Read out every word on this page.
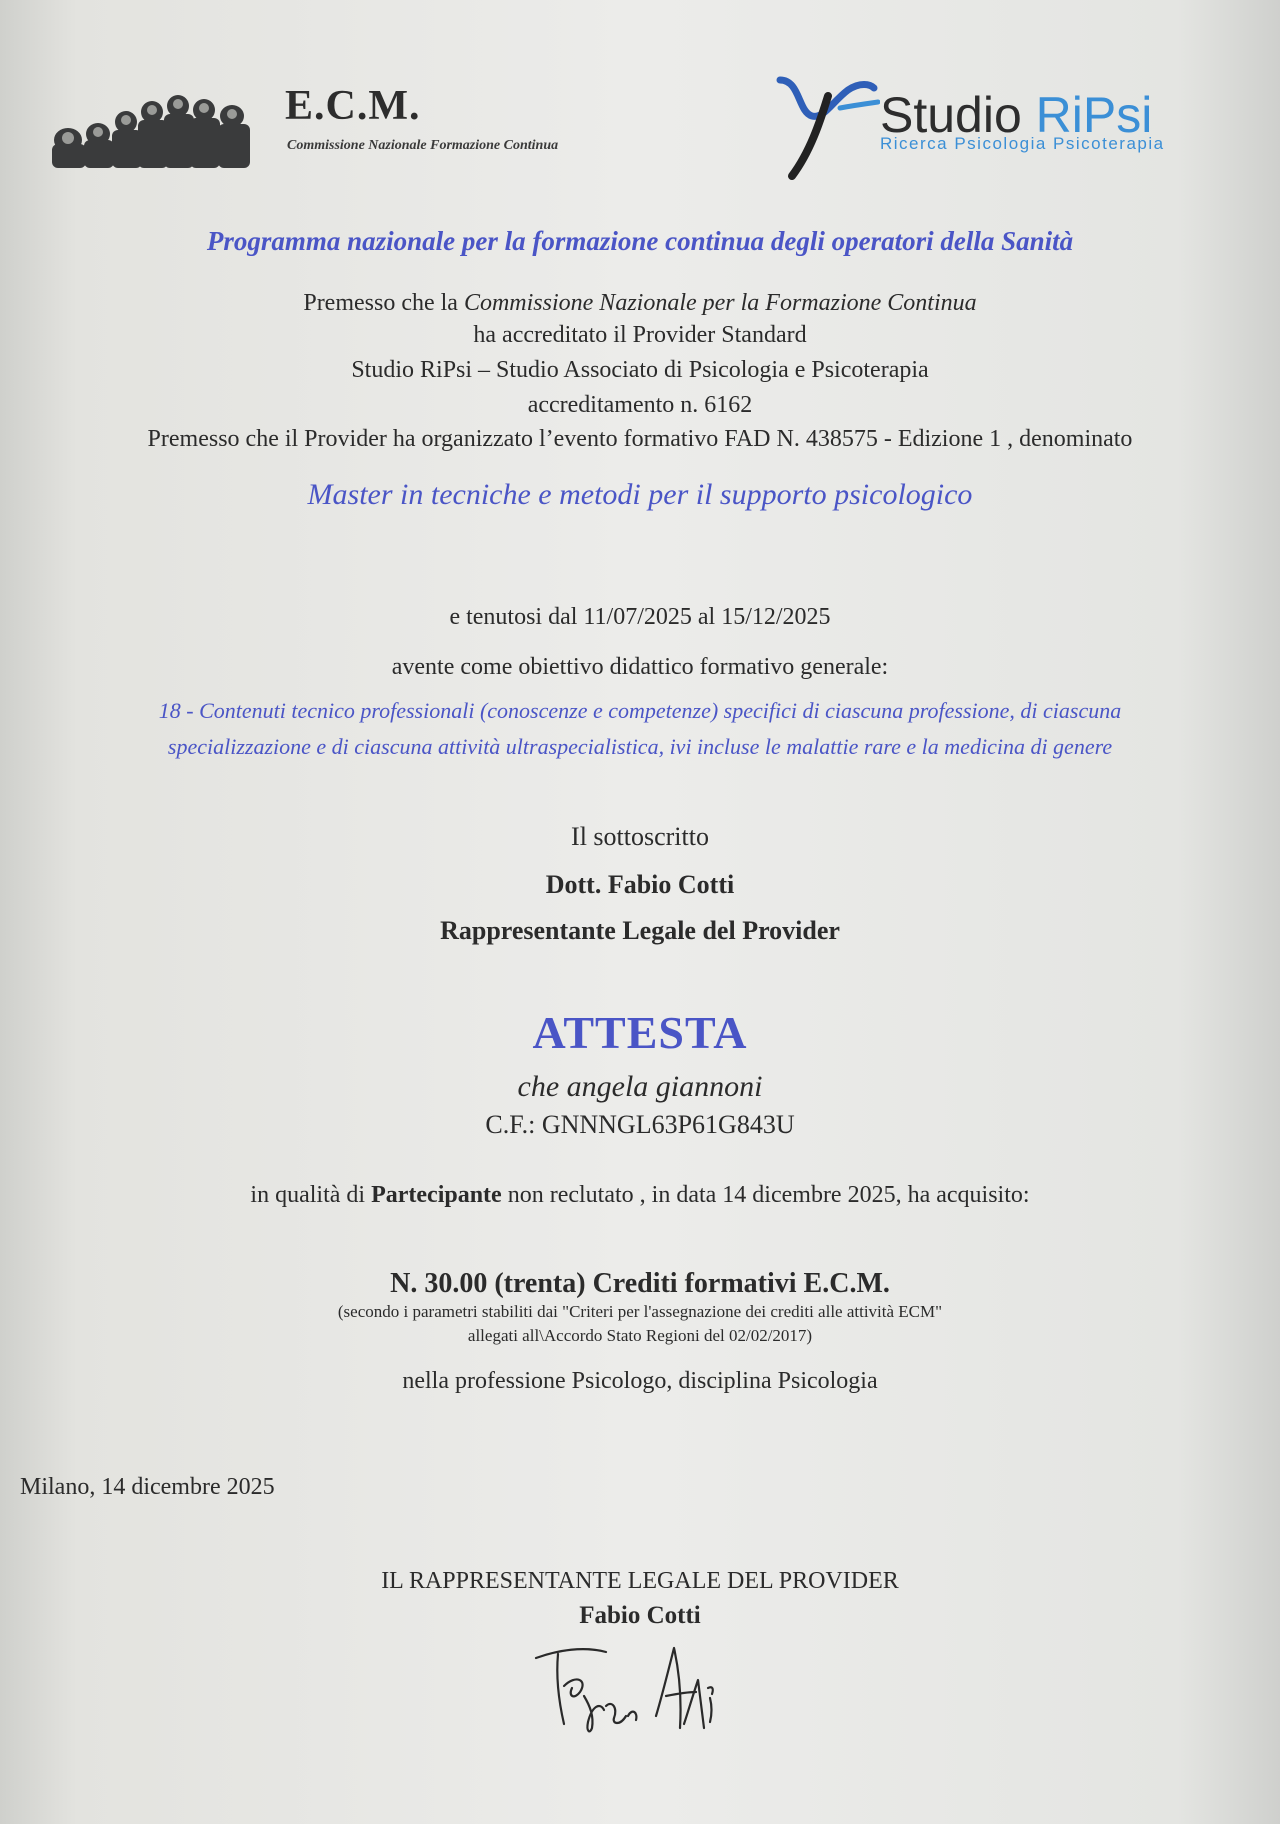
E.C.M.
Commissione Nazionale Formazione Continua
Studio RiPsi
Ricerca Psicologia Psicoterapia
Programma nazionale per la formazione continua degli operatori della Sanità
Premesso che la Commissione Nazionale per la Formazione Continua
ha accreditato il Provider Standard
Studio RiPsi – Studio Associato di Psicologia e Psicoterapia
accreditamento n. 6162
Premesso che il Provider ha organizzato l’evento formativo FAD N. 438575 - Edizione 1 , denominato
Master in tecniche e metodi per il supporto psicologico
e tenutosi dal 11/07/2025 al 15/12/2025
avente come obiettivo didattico formativo generale:
18 - Contenuti tecnico professionali (conoscenze e competenze) specifici di ciascuna professione, di ciascuna
specializzazione e di ciascuna attività ultraspecialistica, ivi incluse le malattie rare e la medicina di genere
Il sottoscritto
Dott. Fabio Cotti
Rappresentante Legale del Provider
ATTESTA
che angela giannoni
C.F.: GNNNGL63P61G843U
in qualità di Partecipante non reclutato , in data 14 dicembre 2025, ha acquisito:
N. 30.00 (trenta) Crediti formativi E.C.M.
(secondo i parametri stabiliti dai "Criteri per l'assegnazione dei crediti alle attività ECM"
allegati all\Accordo Stato Regioni del 02/02/2017)
nella professione Psicologo, disciplina Psicologia
Milano, 14 dicembre 2025
IL RAPPRESENTANTE LEGALE DEL PROVIDER
Fabio Cotti
